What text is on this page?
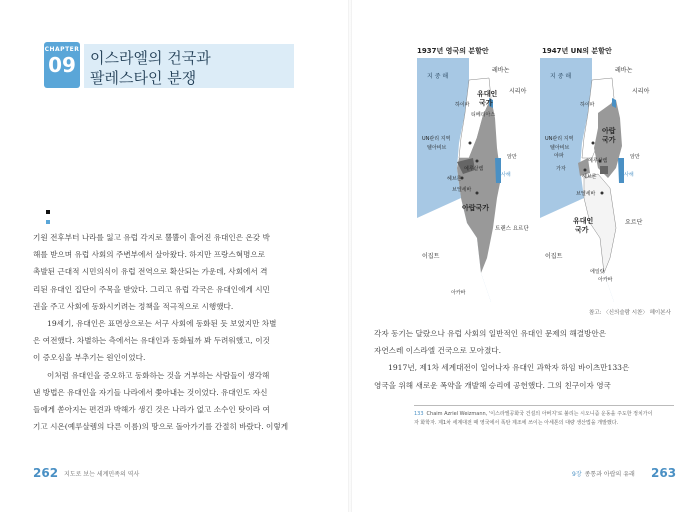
CHAPTER
09 이스라엘의 건국과
팔레스타인 분쟁
기원 전후부터 나라를 잃고 유럽 각지로 뿔뿔이 흩어진 유대인은 온갖 박
해를 받으며 유럽 사회의 주변부에서 살아왔다. 하지만 프랑스혁명으로
촉발된 근대적 시민의식이 유럽 전역으로 확산되는 가운데, 사회에서 격
리된 유대인 집단이 주목을 받았다. 그리고 유럽 각국은 유대인에게 시민
권을 주고 사회에 동화시키려는 정책을 적극적으로 시행했다.
19세기, 유대인은 표면상으로는 서구 사회에 동화된 듯 보였지만 차별
은 여전했다. 차별하는 측에서는 유대인과 동화될까 봐 두려워했고, 이것
이 증오심을 부추기는 원인이었다.
이처럼 유대인을 증오하고 동화하는 것을 거부하는 사람들이 생각해
낸 방법은 유대인을 자기들 나라에서 쫓아내는 것이었다. 유대인도 자신
들에게 쏟아지는 편견과 박해가 생긴 것은 나라가 없고 소수인 탓이라 여
기고 시온(예루살렘의 다른 이름)의 땅으로 돌아가기를 간절히 바랐다. 이렇게
262 지도로 보는 세계민족의 역사
1937년 영국의 분할안	1947년 UN의 분할안
지 중 해
레바논
시리아
하이파
유대인
국가
티베리아스
UN관리 지역
텔아비브
예루살렘
암만
헤브론
사해
브엘세바
아랍국가
트랜스 요르단
이집트
아카바
지 중 해
레바논
시리아
하이파
아랍
국가
UN관리 지역
텔아비브
야파
가자
예루살렘
암만
헤브론	사해
브엘세바
유대인
국가
요르단
이집트
에일랏
아카바
참고: 〈신의슬람 시찬〉 헤이본사
각자 동기는 달랐으나 유럽 사회의 일반적인 유대인 문제의 해결방안은
자연스레 이스라엘 건국으로 모아졌다.
1917년, 제1차 세계대전이 일어나자 유대인 과학자 하임 바이츠만133은
영국을 위해 새로운 폭약을 개발해 승리에 공헌했다. 그의 친구이자 영국
133 Chaim Azriel Weizmann, '이스라엘공화국 건설의 아버지'로 불리는 시오니즘 운동을 주도한 정치가이
자 화학자. 제1차 세계대전 때 영국에서 폭탄 제조에 쓰이는 아세톤의 대량 생산법을 개발했다.
9장 종통과 아랍의 유래 263
